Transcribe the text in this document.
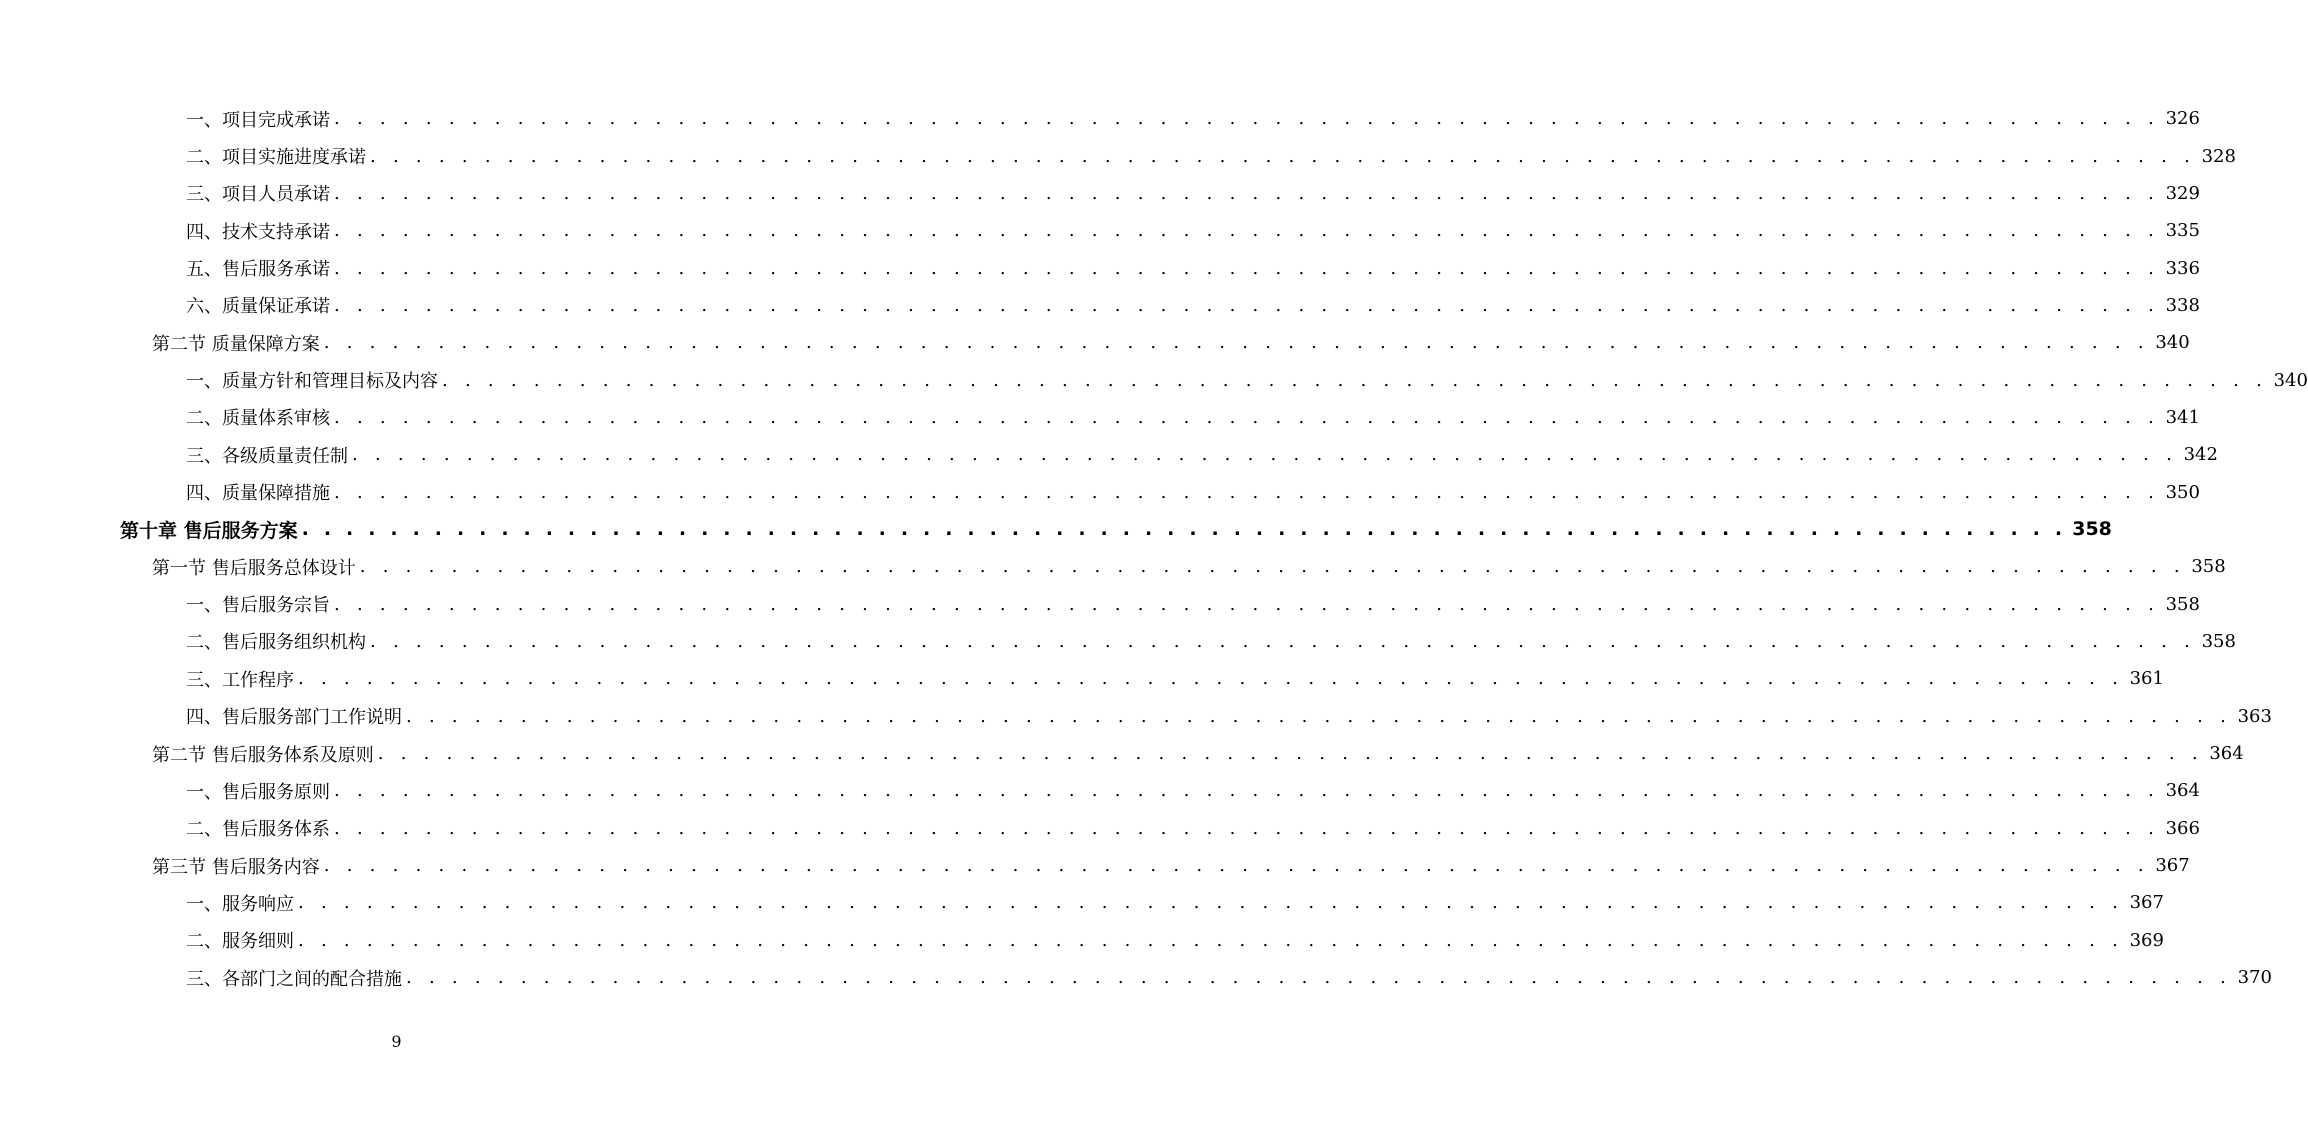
一、项目完成承诺 . . . . . . . . . . . . . . . . . . . . . . . . . . . . . . . . . . . . . . . . . . . . . . . . . . . . . . . . . . . . . . . . . . . . . . . . . . . . . . . . 326
二、项目实施进度承诺 . . . . . . . . . . . . . . . . . . . . . . . . . . . . . . . . . . . . . . . . . . . . . . . . . . . . . . . . . . . . . . . . . . . . . . . . . . . . . . . . 328
三、项目人员承诺 . . . . . . . . . . . . . . . . . . . . . . . . . . . . . . . . . . . . . . . . . . . . . . . . . . . . . . . . . . . . . . . . . . . . . . . . . . . . . . . . 329
四、技术支持承诺 . . . . . . . . . . . . . . . . . . . . . . . . . . . . . . . . . . . . . . . . . . . . . . . . . . . . . . . . . . . . . . . . . . . . . . . . . . . . . . . . 335
五、售后服务承诺 . . . . . . . . . . . . . . . . . . . . . . . . . . . . . . . . . . . . . . . . . . . . . . . . . . . . . . . . . . . . . . . . . . . . . . . . . . . . . . . . 336
六、质量保证承诺 . . . . . . . . . . . . . . . . . . . . . . . . . . . . . . . . . . . . . . . . . . . . . . . . . . . . . . . . . . . . . . . . . . . . . . . . . . . . . . . . 338
第二节 质量保障方案 . . . . . . . . . . . . . . . . . . . . . . . . . . . . . . . . . . . . . . . . . . . . . . . . . . . . . . . . . . . . . . . . . . . . . . . . . . . . . . . . 340
一、质量方针和管理目标及内容 . . . . . . . . . . . . . . . . . . . . . . . . . . . . . . . . . . . . . . . . . . . . . . . . . . . . . . . . . . . . . . . . . . . . . . . . . . . . . . . . 340
二、质量体系审核 . . . . . . . . . . . . . . . . . . . . . . . . . . . . . . . . . . . . . . . . . . . . . . . . . . . . . . . . . . . . . . . . . . . . . . . . . . . . . . . . 341
三、各级质量责任制 . . . . . . . . . . . . . . . . . . . . . . . . . . . . . . . . . . . . . . . . . . . . . . . . . . . . . . . . . . . . . . . . . . . . . . . . . . . . . . . . 342
四、质量保障措施 . . . . . . . . . . . . . . . . . . . . . . . . . . . . . . . . . . . . . . . . . . . . . . . . . . . . . . . . . . . . . . . . . . . . . . . . . . . . . . . . 350
第十章 售后服务方案 . . . . . . . . . . . . . . . . . . . . . . . . . . . . . . . . . . . . . . . . . . . . . . . . . . . . . . . . . . . . . . . . . . . . . . . . . . . . . . . . 358
第一节 售后服务总体设计 . . . . . . . . . . . . . . . . . . . . . . . . . . . . . . . . . . . . . . . . . . . . . . . . . . . . . . . . . . . . . . . . . . . . . . . . . . . . . . . . 358
一、售后服务宗旨 . . . . . . . . . . . . . . . . . . . . . . . . . . . . . . . . . . . . . . . . . . . . . . . . . . . . . . . . . . . . . . . . . . . . . . . . . . . . . . . . 358
二、售后服务组织机构 . . . . . . . . . . . . . . . . . . . . . . . . . . . . . . . . . . . . . . . . . . . . . . . . . . . . . . . . . . . . . . . . . . . . . . . . . . . . . . . . 358
三、工作程序 . . . . . . . . . . . . . . . . . . . . . . . . . . . . . . . . . . . . . . . . . . . . . . . . . . . . . . . . . . . . . . . . . . . . . . . . . . . . . . . . 361
四、售后服务部门工作说明 . . . . . . . . . . . . . . . . . . . . . . . . . . . . . . . . . . . . . . . . . . . . . . . . . . . . . . . . . . . . . . . . . . . . . . . . . . . . . . . . 363
第二节 售后服务体系及原则 . . . . . . . . . . . . . . . . . . . . . . . . . . . . . . . . . . . . . . . . . . . . . . . . . . . . . . . . . . . . . . . . . . . . . . . . . . . . . . . . 364
一、售后服务原则 . . . . . . . . . . . . . . . . . . . . . . . . . . . . . . . . . . . . . . . . . . . . . . . . . . . . . . . . . . . . . . . . . . . . . . . . . . . . . . . . 364
二、售后服务体系 . . . . . . . . . . . . . . . . . . . . . . . . . . . . . . . . . . . . . . . . . . . . . . . . . . . . . . . . . . . . . . . . . . . . . . . . . . . . . . . . 366
第三节 售后服务内容 . . . . . . . . . . . . . . . . . . . . . . . . . . . . . . . . . . . . . . . . . . . . . . . . . . . . . . . . . . . . . . . . . . . . . . . . . . . . . . . . 367
一、服务响应 . . . . . . . . . . . . . . . . . . . . . . . . . . . . . . . . . . . . . . . . . . . . . . . . . . . . . . . . . . . . . . . . . . . . . . . . . . . . . . . . 367
二、服务细则 . . . . . . . . . . . . . . . . . . . . . . . . . . . . . . . . . . . . . . . . . . . . . . . . . . . . . . . . . . . . . . . . . . . . . . . . . . . . . . . . 369
三、各部门之间的配合措施 . . . . . . . . . . . . . . . . . . . . . . . . . . . . . . . . . . . . . . . . . . . . . . . . . . . . . . . . . . . . . . . . . . . . . . . . . . . . . . . . 370
9
